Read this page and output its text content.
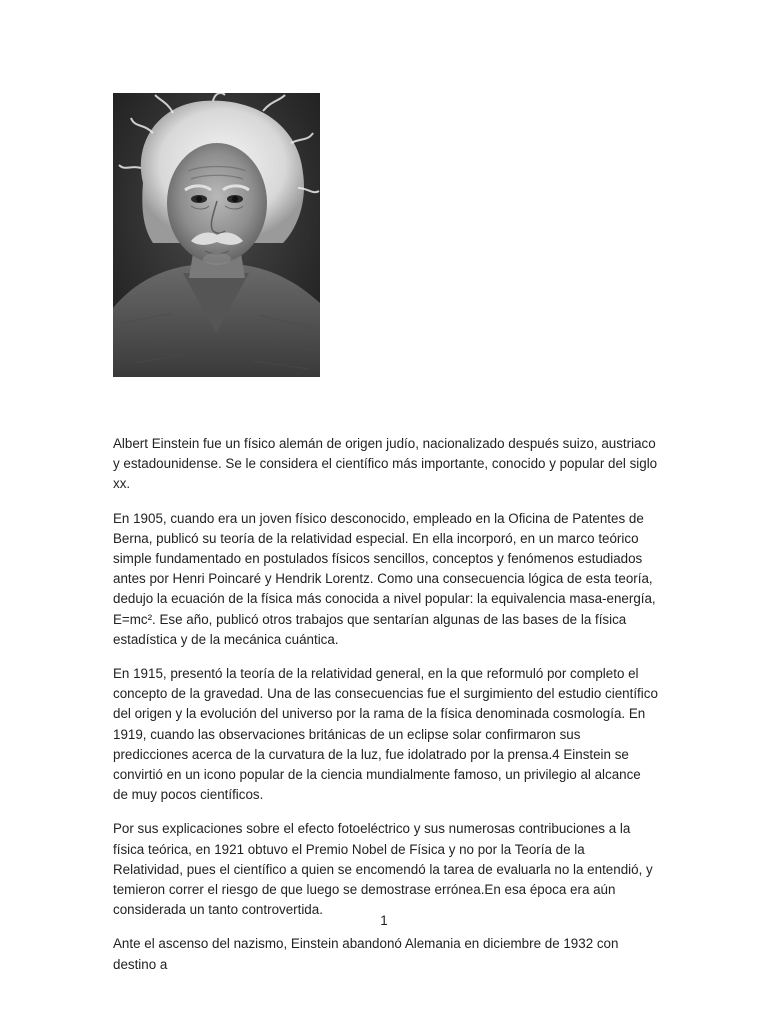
Albert Einstein fue un físico alemán de origen judío, nacionalizado después suizo, austriaco y estadounidense. Se le considera el científico más importante, conocido y popular del siglo xx.

En 1905, cuando era un joven físico desconocido, empleado en la Oficina de Patentes de Berna, publicó su teoría de la relatividad especial. En ella incorporó, en un marco teórico simple fundamentado en postulados físicos sencillos, conceptos y fenómenos estudiados antes por Henri Poincaré y Hendrik Lorentz. Como una consecuencia lógica de esta teoría, dedujo la ecuación de la física más conocida a nivel popular: la equivalencia masa-energía, E=mc². Ese año, publicó otros trabajos que sentarían algunas de las bases de la física estadística y de la mecánica cuántica.

En 1915, presentó la teoría de la relatividad general, en la que reformuló por completo el concepto de la gravedad. Una de las consecuencias fue el surgimiento del estudio científico del origen y la evolución del universo por la rama de la física denominada cosmología. En 1919, cuando las observaciones británicas de un eclipse solar confirmaron sus predicciones acerca de la curvatura de la luz, fue idolatrado por la prensa.4 Einstein se convirtió en un icono popular de la ciencia mundialmente famoso, un privilegio al alcance de muy pocos científicos.

Por sus explicaciones sobre el efecto fotoeléctrico y sus numerosas contribuciones a la física teórica, en 1921 obtuvo el Premio Nobel de Física y no por la Teoría de la Relatividad, pues el científico a quien se encomendó la tarea de evaluarla no la entendió, y temieron correr el riesgo de que luego se demostrase errónea.En esa época era aún considerada un tanto controvertida.

Ante el ascenso del nazismo, Einstein abandonó Alemania en diciembre de 1932 con destino a

1
